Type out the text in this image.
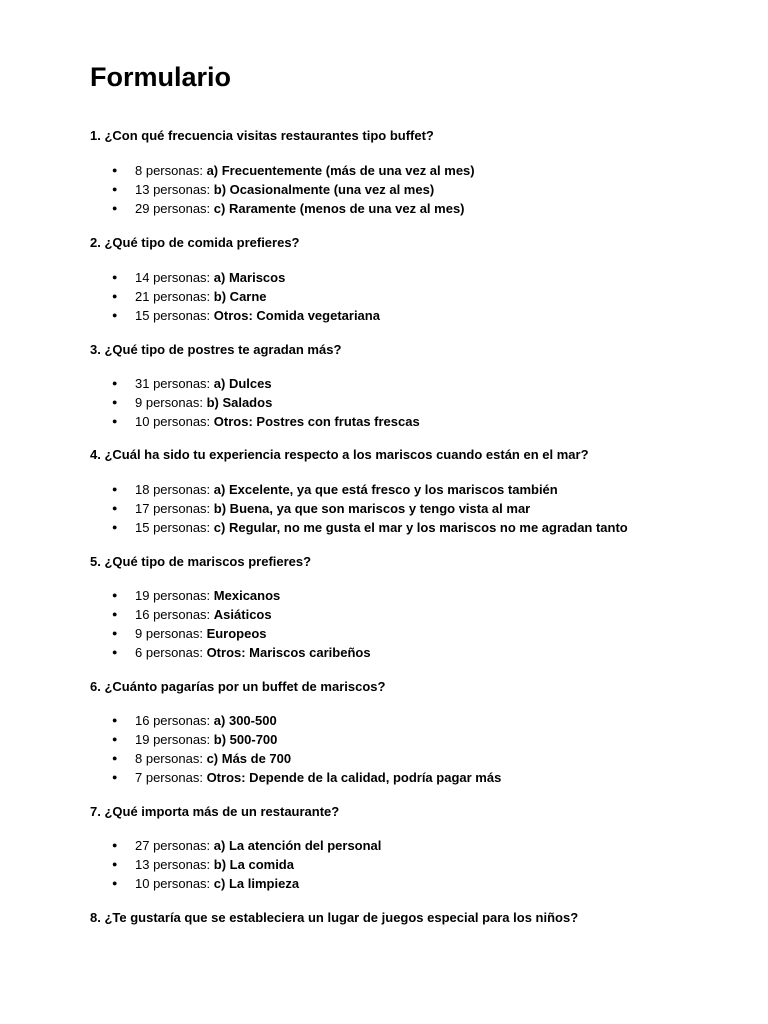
Formulario

1. ¿Con qué frecuencia visitas restaurantes tipo buffet?

● 8 personas: a) Frecuentemente (más de una vez al mes)
● 13 personas: b) Ocasionalmente (una vez al mes)
● 29 personas: c) Raramente (menos de una vez al mes)

2. ¿Qué tipo de comida prefieres?

● 14 personas: a) Mariscos
● 21 personas: b) Carne
● 15 personas: Otros: Comida vegetariana

3. ¿Qué tipo de postres te agradan más?

● 31 personas: a) Dulces
● 9 personas: b) Salados
● 10 personas: Otros: Postres con frutas frescas

4. ¿Cuál ha sido tu experiencia respecto a los mariscos cuando están en el mar?

● 18 personas: a) Excelente, ya que está fresco y los mariscos también
● 17 personas: b) Buena, ya que son mariscos y tengo vista al mar
● 15 personas: c) Regular, no me gusta el mar y los mariscos no me agradan tanto

5. ¿Qué tipo de mariscos prefieres?

● 19 personas: Mexicanos
● 16 personas: Asiáticos
● 9 personas: Europeos
● 6 personas: Otros: Mariscos caribeños

6. ¿Cuánto pagarías por un buffet de mariscos?

● 16 personas: a) 300-500
● 19 personas: b) 500-700
● 8 personas: c) Más de 700
● 7 personas: Otros: Depende de la calidad, podría pagar más

7. ¿Qué importa más de un restaurante?

● 27 personas: a) La atención del personal
● 13 personas: b) La comida
● 10 personas: c) La limpieza

8. ¿Te gustaría que se estableciera un lugar de juegos especial para los niños?
